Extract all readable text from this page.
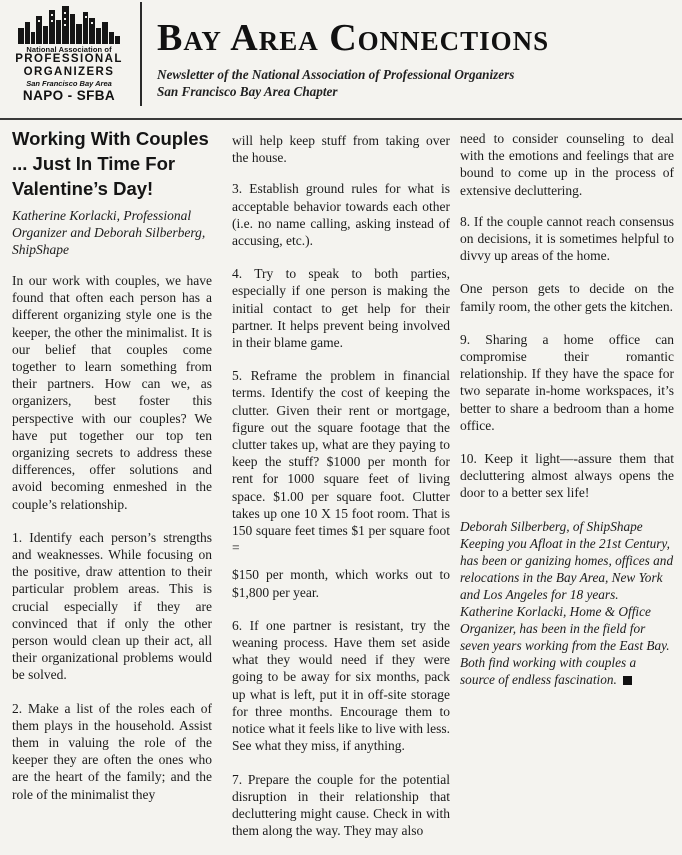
National Association of
PROFESSIONAL
ORGANIZERS
San Francisco Bay Area
NAPO - SFBA
Bay Area Connections
Newsletter of the National Association of Professional Organizers
San Francisco Bay Area Chapter
Working With Couples ... Just In Time For Valentine’s Day!
Katherine Korlacki, Professional Organizer and Deborah Silberberg, ShipShape

In our work with couples, we have found that often each person has a different organizing style one is the keeper, the other the minimalist. It is our belief that couples come together to learn something from their partners. How can we, as organizers, best foster this perspective with our couples? We have put together our top ten organizing secrets to address these differences, offer solutions and avoid becoming enmeshed in the couple’s relationship.

1. Identify each person’s strengths and weaknesses. While focusing on the positive, draw attention to their particular problem areas. This is crucial especially if they are convinced that if only the other person would clean up their act, all their organizational problems would be solved.

2. Make a list of the roles each of them plays in the household. Assist them in valuing the role of the keeper they are often the ones who are the heart of the family; and the role of the minimalist they

will help keep stuff from taking over the house.

3. Establish ground rules for what is acceptable behavior towards each other (i.e. no name calling, asking instead of accusing, etc.).

4. Try to speak to both parties, especially if one person is making the initial contact to get help for their partner. It helps prevent being involved in their blame game.

5. Reframe the problem in financial terms. Identify the cost of keeping the clutter. Given their rent or mortgage, figure out the square footage that the clutter takes up, what are they paying to keep the stuff? $1000 per month for rent for 1000 square feet of living space. $1.00 per square foot. Clutter takes up one 10 X 15 foot room. That is 150 square feet times $1 per square foot =

$150 per month, which works out to $1,800 per year.

6. If one partner is resistant, try the weaning process. Have them set aside what they would need if they were going to be away for six months, pack up what is left, put it in off-site storage for three months. Encourage them to notice what it feels like to live with less. See what they miss, if anything.

7. Prepare the couple for the potential disruption in their relationship that decluttering might cause. Check in with them along the way. They may also

need to consider counseling to deal with the emotions and feelings that are bound to come up in the process of extensive decluttering.

8. If the couple cannot reach consensus on decisions, it is sometimes helpful to divvy up areas of the home.

One person gets to decide on the family room, the other gets the kitchen.

9. Sharing a home office can compromise their romantic relationship. If they have the space for two separate in-home workspaces, it’s better to share a bedroom than a home office.

10. Keep it light—-assure them that decluttering almost always opens the door to a better sex life!

Deborah Silberberg, of ShipShape Keeping you Afloat in the 21st Century, has been or ganizing homes, offices and relocations in the Bay Area, New York and Los Angeles for 18 years. Katherine Korlacki, Home & Office Organizer, has been in the field for seven years working from the East Bay. Both find working with couples a source of endless fascination.
